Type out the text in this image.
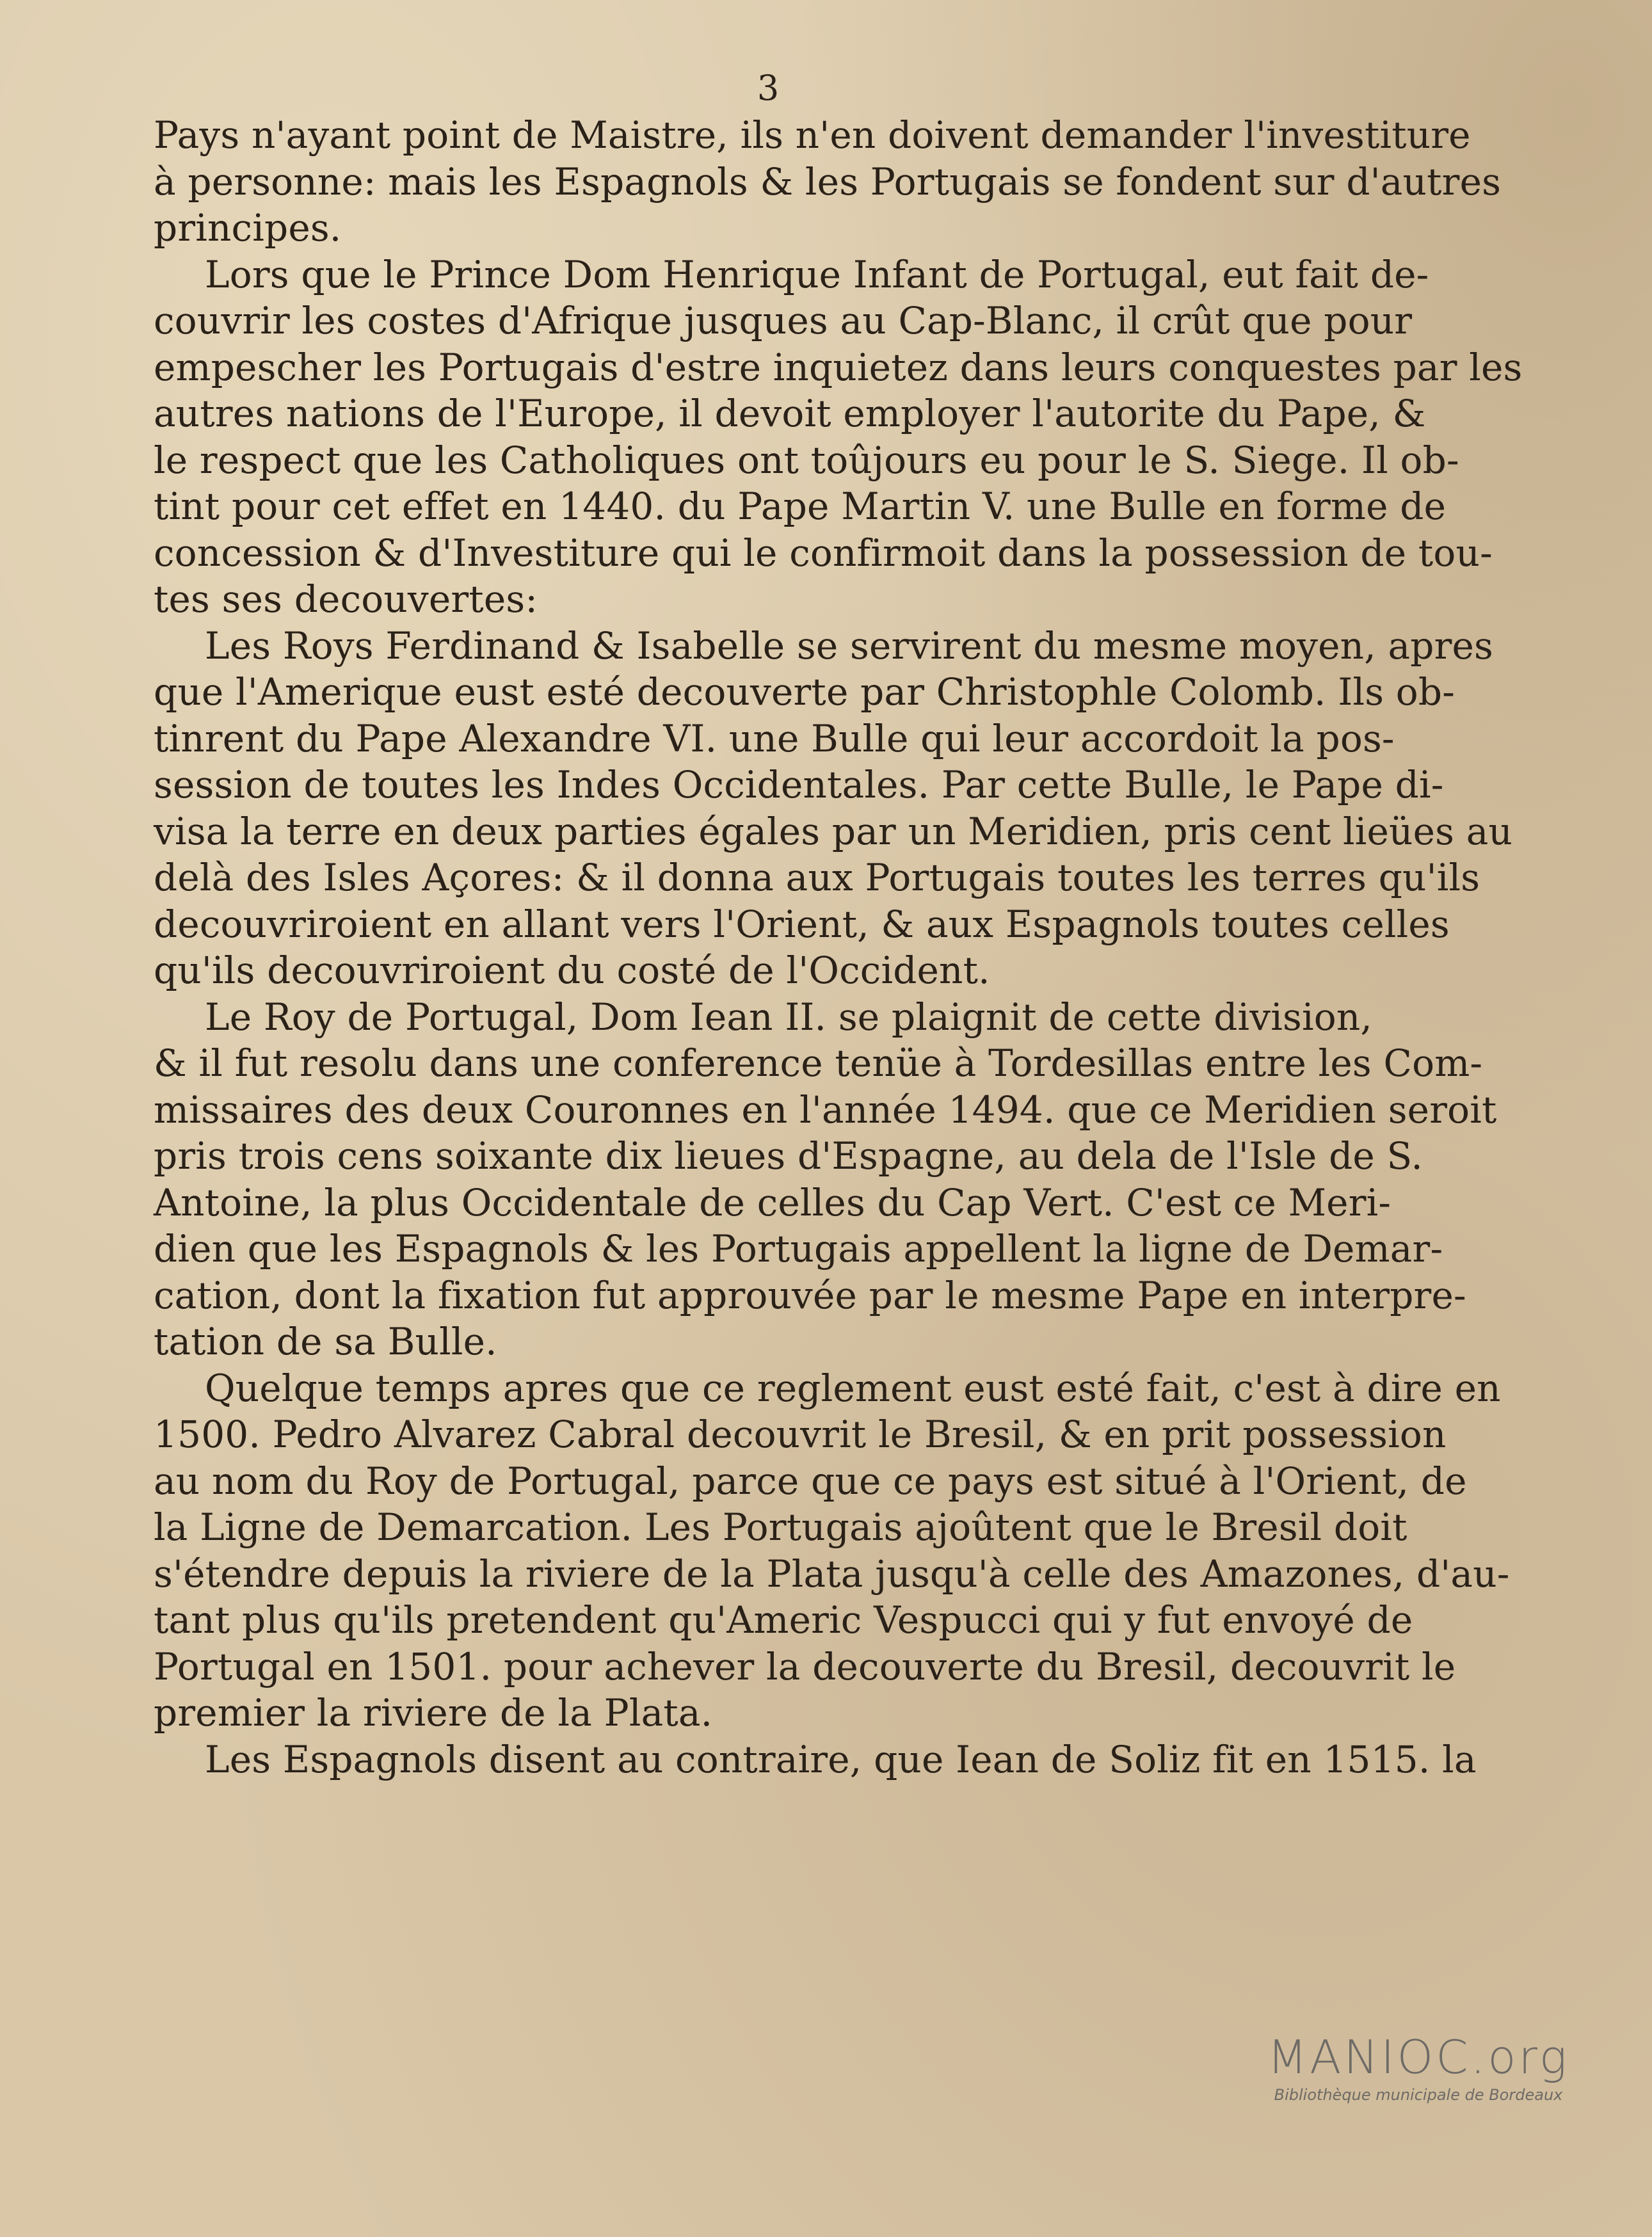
3
Pays n'ayant point de Maistre, ils n'en doivent demander l'investiture
à personne: mais les Espagnols & les Portugais se fondent sur d'autres
principes.
Lors que le Prince Dom Henrique Infant de Portugal, eut fait de-
couvrir les costes d'Afrique jusques au Cap-Blanc, il crût que pour
empescher les Portugais d'estre inquietez dans leurs conquestes par les
autres nations de l'Europe, il devoit employer l'autorite du Pape, &
le respect que les Catholiques ont toûjours eu pour le S. Siege. Il ob-
tint pour cet effet en 1440. du Pape Martin V. une Bulle en forme de
concession & d'Investiture qui le confirmoit dans la possession de tou-
tes ses decouvertes:
Les Roys Ferdinand & Isabelle se servirent du mesme moyen, apres
que l'Amerique eust esté decouverte par Christophle Colomb. Ils ob-
tinrent du Pape Alexandre VI. une Bulle qui leur accordoit la pos-
session de toutes les Indes Occidentales. Par cette Bulle, le Pape di-
visa la terre en deux parties égales par un Meridien, pris cent lieües au
delà des Isles Açores: & il donna aux Portugais toutes les terres qu'ils
decouvriroient en allant vers l'Orient, & aux Espagnols toutes celles
qu'ils decouvriroient du costé de l'Occident.
Le Roy de Portugal, Dom Iean II. se plaignit de cette division,
& il fut resolu dans une conference tenüe à Tordesillas entre les Com-
missaires des deux Couronnes en l'année 1494. que ce Meridien seroit
pris trois cens soixante dix lieues d'Espagne, au dela de l'Isle de S.
Antoine, la plus Occidentale de celles du Cap Vert. C'est ce Meri-
dien que les Espagnols & les Portugais appellent la ligne de Demar-
cation, dont la fixation fut approuvée par le mesme Pape en interpre-
tation de sa Bulle.
Quelque temps apres que ce reglement eust esté fait, c'est à dire en
1500. Pedro Alvarez Cabral decouvrit le Bresil, & en prit possession
au nom du Roy de Portugal, parce que ce pays est situé à l'Orient, de
la Ligne de Demarcation. Les Portugais ajoûtent que le Bresil doit
s'étendre depuis la riviere de la Plata jusqu'à celle des Amazones, d'au-
tant plus qu'ils pretendent qu'Americ Vespucci qui y fut envoyé de
Portugal en 1501. pour achever la decouverte du Bresil, decouvrit le
premier la riviere de la Plata.
Les Espagnols disent au contraire, que Iean de Soliz fit en 1515. la
MANIOC.org
Bibliothèque municipale de Bordeaux
